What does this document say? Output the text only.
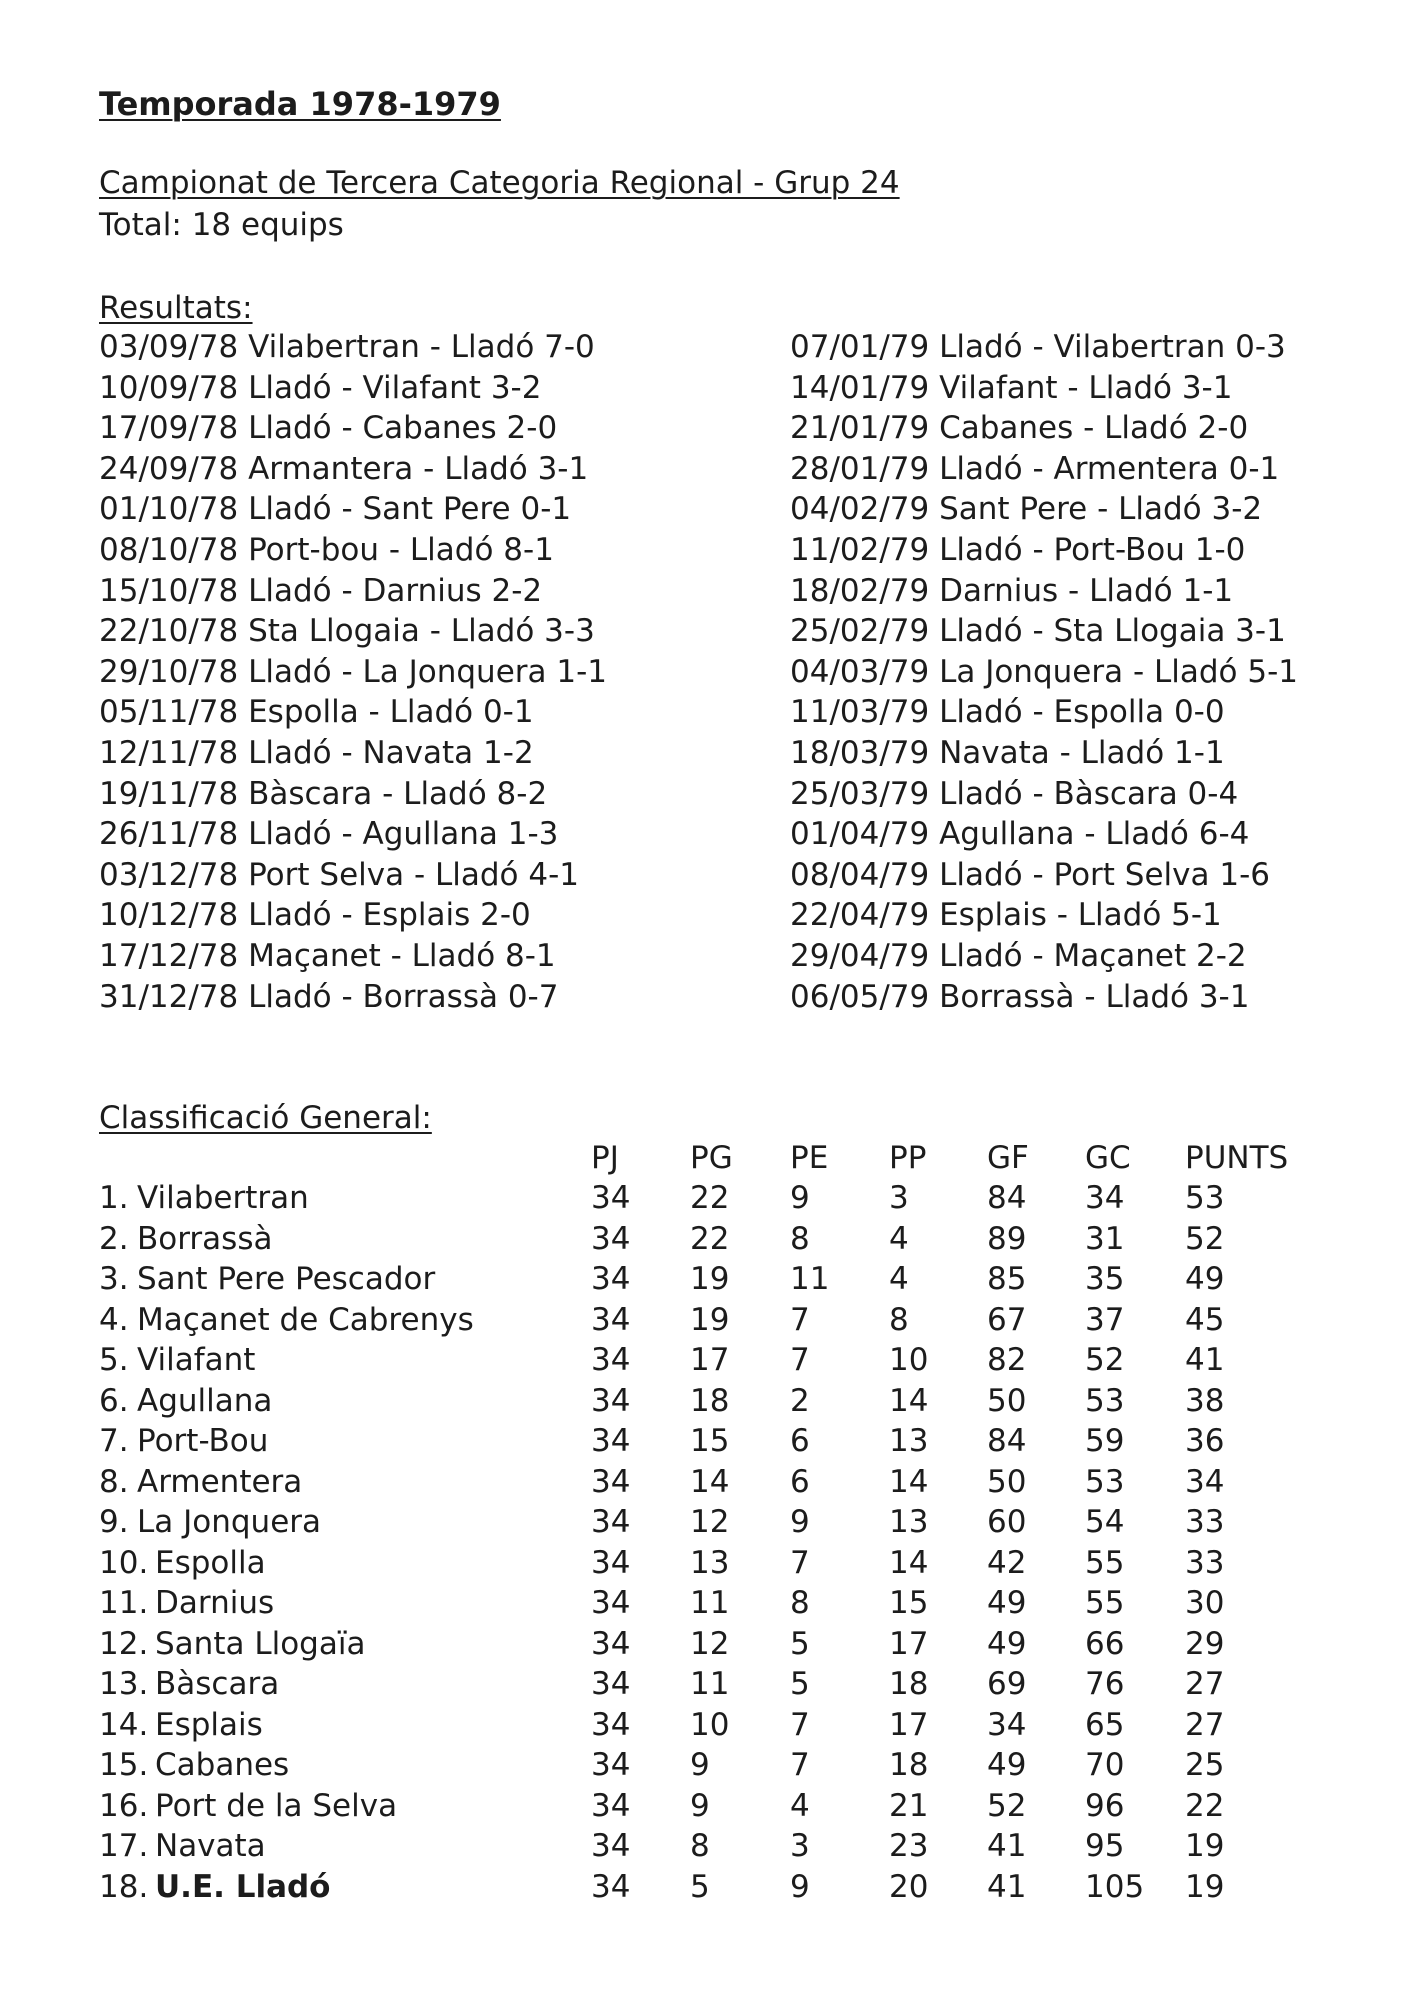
Temporada 1978-1979
Campionat de Tercera Categoria Regional - Grup 24
Total: 18 equips
Resultats:
03/09/78 Vilabertran - Lladó 7-0
10/09/78 Lladó - Vilafant 3-2
17/09/78 Lladó - Cabanes 2-0
24/09/78 Armantera - Lladó 3-1
01/10/78 Lladó - Sant Pere 0-1
08/10/78 Port-bou - Lladó 8-1
15/10/78 Lladó - Darnius 2-2
22/10/78 Sta Llogaia - Lladó 3-3
29/10/78 Lladó - La Jonquera 1-1
05/11/78 Espolla - Lladó 0-1
12/11/78 Lladó - Navata 1-2
19/11/78 Bàscara - Lladó 8-2
26/11/78 Lladó - Agullana 1-3
03/12/78 Port Selva - Lladó 4-1
10/12/78 Lladó - Esplais 2-0
17/12/78 Maçanet - Lladó 8-1
31/12/78 Lladó - Borrassà 0-7
07/01/79 Lladó - Vilabertran 0-3
14/01/79 Vilafant - Lladó 3-1
21/01/79 Cabanes - Lladó 2-0
28/01/79 Lladó - Armentera 0-1
04/02/79 Sant Pere - Lladó 3-2
11/02/79 Lladó - Port-Bou 1-0
18/02/79 Darnius - Lladó 1-1
25/02/79 Lladó - Sta Llogaia 3-1
04/03/79 La Jonquera - Lladó 5-1
11/03/79 Lladó - Espolla 0-0
18/03/79 Navata - Lladó 1-1
25/03/79 Lladó - Bàscara 0-4
01/04/79 Agullana - Lladó 6-4
08/04/79 Lladó - Port Selva 1-6
22/04/79 Esplais - Lladó 5-1
29/04/79 Lladó - Maçanet 2-2
06/05/79 Borrassà - Lladó 3-1
Classificació General:
PJ PG PE PP GF GC PUNTS
1. Vilabertran	34 22 9	3	84 34 53
2. Borrassà	34 22 8	4	89 31 52
3. Sant Pere Pescador	34 19 11 4	85 35 49
4. Maçanet de Cabrenys	34 19 7	8	67 37 45
5. Vilafant	34 17 7	10 82 52 41
6. Agullana	34 18 2	14 50 53 38
7. Port-Bou	34 15 6	13 84 59 36
8. Armentera	34 14 6	14 50 53 34
9. La Jonquera	34 12 9	13 60 54 33
10. Espolla	34 13 7	14 42 55 33
11. Darnius	34 11 8	15 49 55 30
12. Santa Llogaïa	34 12 5	17 49 66 29
13. Bàscara	34 11 5	18 69 76 27
14. Esplais	34 10 7	17 34 65 27
15. Cabanes	34 9	7	18 49 70 25
16. Port de la Selva	34 9	4	21 52 96 22
17. Navata	34 8	3	23 41 95 19
18. U.E. Lladó	34 5	9	20 41 105 19
